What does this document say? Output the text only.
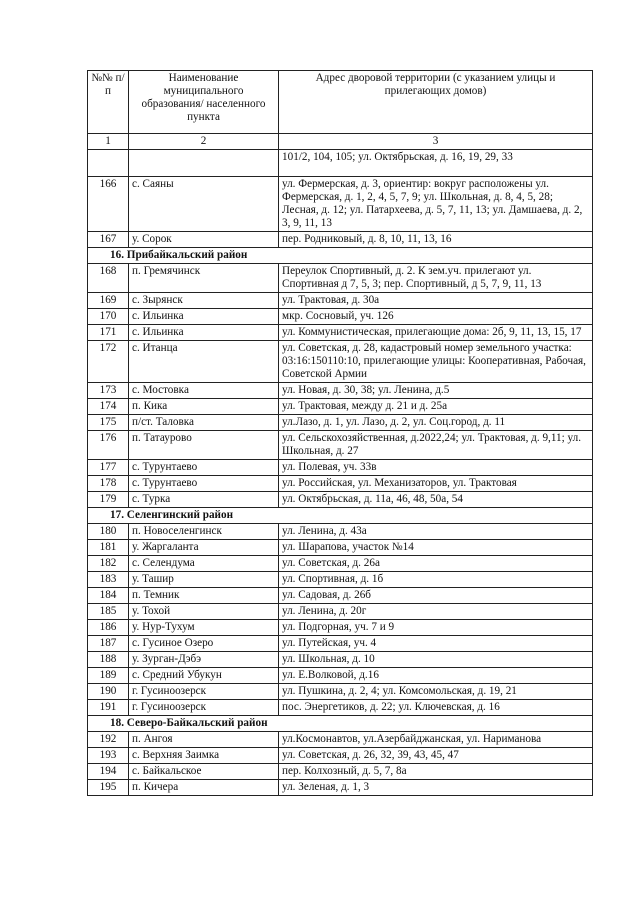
№№ п/п	Наименование муниципального образования/ населенного пункта	Адрес дворовой территории (с указанием улицы и прилегающих домов)
1	2	3
		101/2, 104, 105; ул. Октябрьская, д. 16, 19, 29, 33
166	с. Саяны	ул. Фермерская, д. 3, ориентир: вокруг расположены ул. Фермерская, д. 1, 2, 4, 5, 7, 9; ул. Школьная, д. 8, 4, 5, 28; Лесная, д. 12; ул. Патархеева, д. 5, 7, 11, 13; ул. Дамшаева, д. 2, 3, 9, 11, 13
167	у. Сорок	пер. Родниковый, д. 8, 10, 11, 13, 16
16. Прибайкальский район		
168	п. Гремячинск	Переулок Спортивный, д. 2. К зем.уч. прилегают ул. Спортивная д 7, 5, 3; пер. Спортивный, д 5, 7, 9, 11, 13
169	с. Зырянск	ул. Трактовая, д. 30а
170	с. Ильинка	мкр. Сосновый, уч. 126
171	с. Ильинка	ул. Коммунистическая, прилегающие дома: 2б, 9, 11, 13, 15, 17
172	с. Итанца	ул. Советская, д. 28, кадастровый номер земельного участка: 03:16:150110:10, прилегающие улицы: Кооперативная, Рабочая, Советской Армии
173	с. Мостовка	ул. Новая, д. 30, 38; ул. Ленина, д.5
174	п. Кика	ул. Трактовая, между д. 21 и д. 25а
175	п/ст. Таловка	ул.Лазо, д. 1, ул. Лазо, д. 2, ул. Соц.город, д. 11
176	п. Татаурово	ул. Сельскохозяйственная, д.2022,24; ул. Трактовая, д. 9,11; ул. Школьная, д. 27
177	с. Турунтаево	ул. Полевая, уч. 33в
178	с. Турунтаево	ул. Российская, ул. Механизаторов, ул. Трактовая
179	с. Турка	ул. Октябрьская, д. 11а, 46, 48, 50а, 54
17. Селенгинский район		
180	п. Новоселенгинск	ул. Ленина, д. 43а
181	у. Жаргаланта	ул. Шарапова, участок №14
182	с. Селендума	ул. Советская, д. 26а
183	у. Ташир	ул. Спортивная, д. 1б
184	п. Темник	ул. Садовая, д. 26б
185	у. Тохой	ул. Ленина, д. 20г
186	у. Нур-Тухум	ул. Подгорная, уч. 7 и 9
187	с. Гусиное Озеро	ул. Путейская, уч. 4
188	у. Зурган-Дэбэ	ул. Школьная, д. 10
189	с. Средний Убукун	ул. Е.Волковой, д.16
190	г. Гусиноозерск	ул. Пушкина, д. 2, 4; ул. Комсомольская, д. 19, 21
191	г. Гусиноозерск	пос. Энергетиков, д. 22; ул. Ключевская, д. 16
18. Северо-Байкальский район		
192	п. Ангоя	ул.Космонавтов, ул.Азербайджанская, ул. Нариманова
193	с. Верхняя Заимка	ул. Советская, д. 26, 32, 39, 43, 45, 47
194	с. Байкальское	пер. Колхозный, д. 5, 7, 8а
195	п. Кичера	ул. Зеленая, д. 1, 3
